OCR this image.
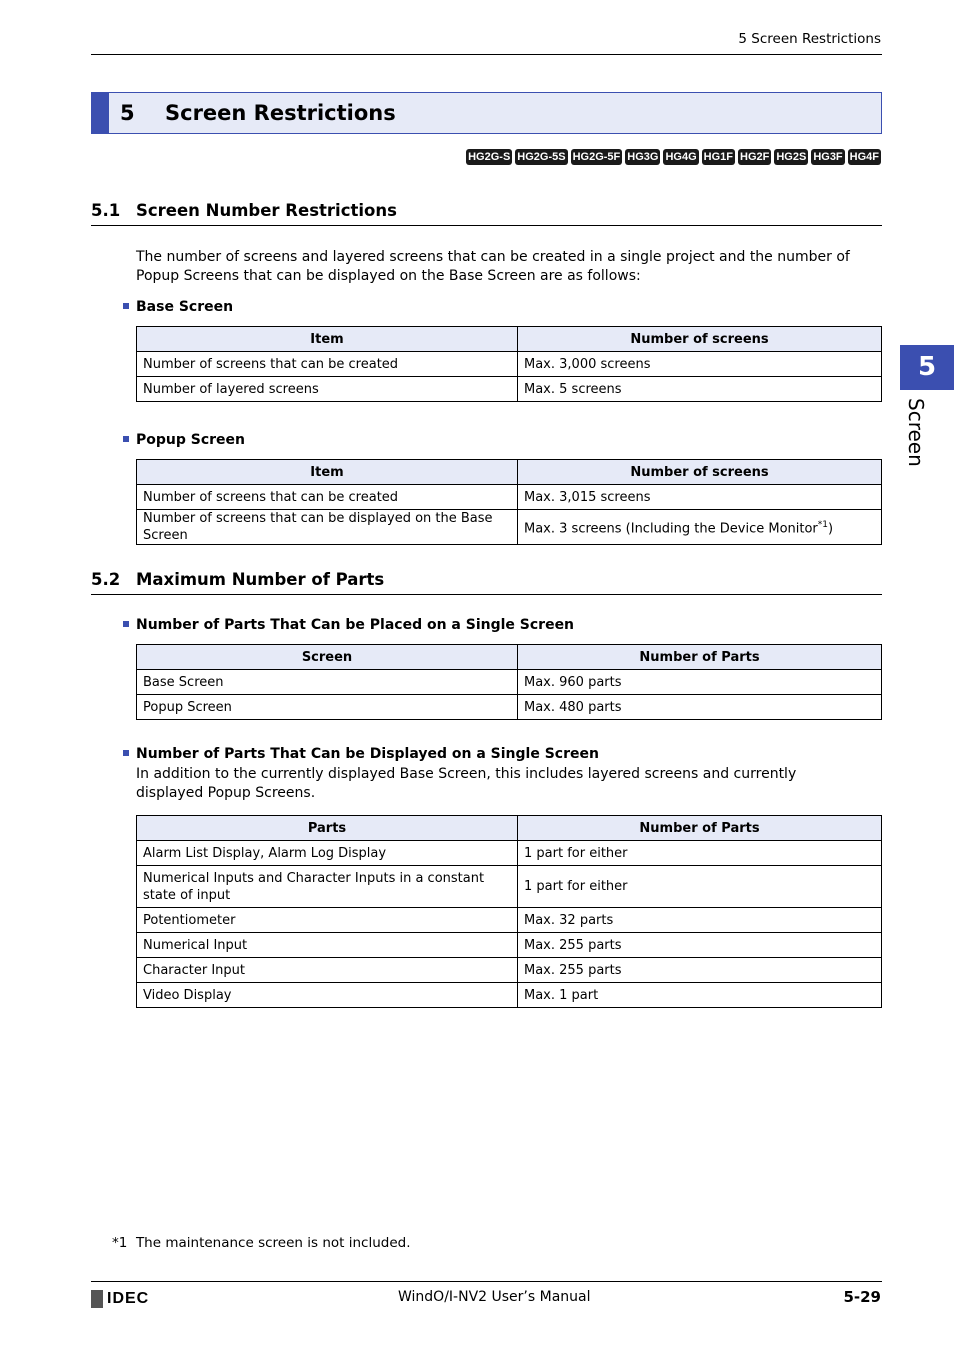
5 Screen Restrictions
5 Screen Restrictions
HG2G-S HG2G-5S HG2G-5F HG3G HG4G HG1F HG2F HG2S HG3F HG4F
5
Screen
5.1 Screen Number Restrictions
The number of screens and layered screens that can be created in a single project and the number of Popup Screens that can be displayed on the Base Screen are as follows:
Base Screen
Item	Number of screens
Number of screens that can be created	Max. 3,000 screens
Number of layered screens	Max. 5 screens
Popup Screen
Item	Number of screens
Number of screens that can be created	Max. 3,015 screens
Number of screens that can be displayed on the Base Screen	Max. 3 screens (Including the Device Monitor$^{*1}$)
5.2 Maximum Number of Parts
Number of Parts That Can be Placed on a Single Screen
Screen	Number of Parts
Base Screen	Max. 960 parts
Popup Screen	Max. 480 parts
Number of Parts That Can be Displayed on a Single Screen
In addition to the currently displayed Base Screen, this includes layered screens and currently displayed Popup Screens.
Parts	Number of Parts
Alarm List Display, Alarm Log Display	1 part for either
Numerical Inputs and Character Inputs in a constant state of input	1 part for either
Potentiometer	Max. 32 parts
Numerical Input	Max. 255 parts
Character Input	Max. 255 parts
Video Display	Max. 1 part
*1 The maintenance screen is not included.
IDEC	WindO/I-NV2 User’s Manual	5-29
